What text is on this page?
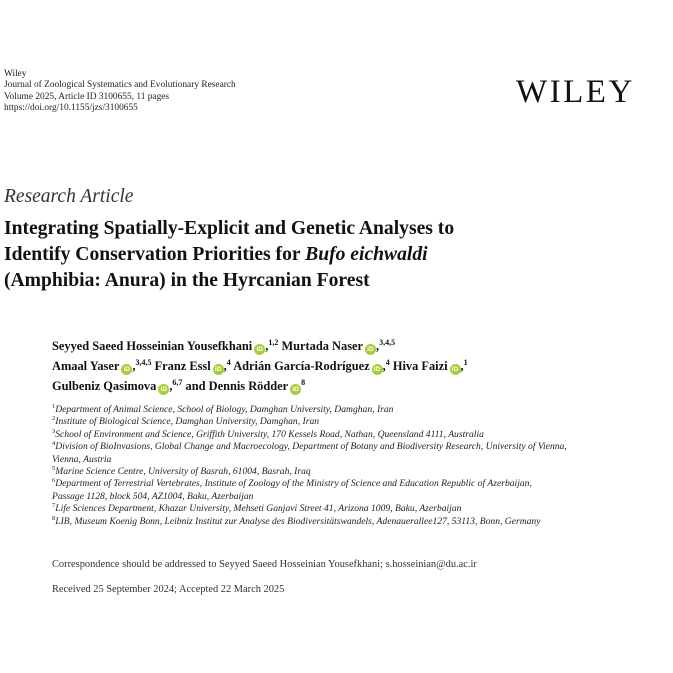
Wiley
Journal of Zoological Systematics and Evolutionary Research
Volume 2025, Article ID 3100655, 11 pages
https://doi.org/10.1155/jzs/3100655	WILEY
Research Article
Integrating Spatially-Explicit and Genetic Analyses to
Identify Conservation Priorities for Bufo eichwaldi
(Amphibia: Anura) in the Hyrcanian Forest
Seyyed Saeed Hosseinian Yousefkhani iD ,$^{1,2}$ Murtada Naser iD ,$^{3,4,5}$
Amaal Yaser iD ,$^{3,4,5}$ Franz Essl iD ,$^4$ Adrián García-Rodríguez iD ,$^4$ Hiva Faizi iD ,$^1$
Gulbeniz Qasimova iD ,$^{6,7}$ and Dennis Rödder $iD^8$
$^1$Department of Animal Science, School of Biology, Damghan University, Damghan, Iran
$^2$Institute of Biological Science, Damghan University, Damghan, Iran
$^3$School of Environment and Science, Griffith University, 170 Kessels Road, Nathan, Queensland 4111, Australia
$^4$Division of BioInvasions, Global Change and Macroecology, Department of Botany and Biodiversity Research, University of Vienna,
Vienna, Austria
$^5$Marine Science Centre, University of Basrah, 61004, Basrah, Iraq
$^6$Department of Terrestrial Vertebrates, Institute of Zoology of the Ministry of Science and Education Republic of Azerbaijan,
Passage 1128, block 504, AZ1004, Baku, Azerbaijan
$^7$Life Sciences Department, Khazar University, Mehseti Ganjavi Street 41, Arizona 1009, Baku, Azerbaijan
$^8$LIB, Museum Koenig Bonn, Leibniz Institut zur Analyse des Biodiversitätswandels, Adenauerallee127, 53113, Bonn, Germany
Correspondence should be addressed to Seyyed Saeed Hosseinian Yousefkhani; s.hosseinian@du.ac.ir
Received 25 September 2024; Accepted 22 March 2025
